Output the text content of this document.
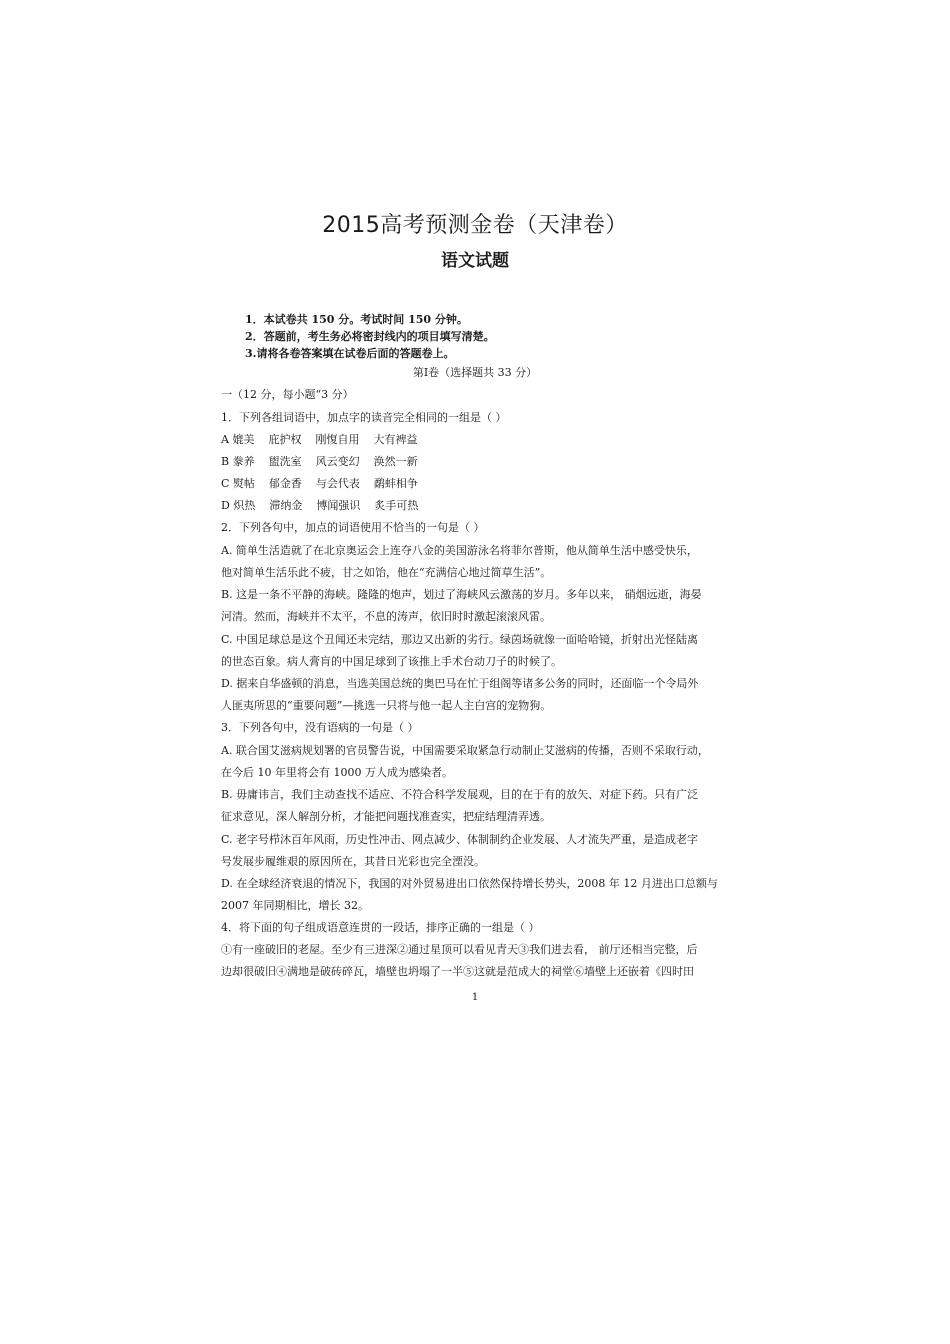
2015高考预测金卷（天津卷）
语文试题
1．本试卷共 150 分。考试时间 150 分钟。
2．答题前，考生务必将密封线内的项目填写清楚。
3.请将各卷答案填在试卷后面的答题卷上。
第Ⅰ卷（选择题共 33 分）
一（12 分，每小题“3 分）
1．下列各组词语中，加点字的读音完全相同的一组是（ ）
A 媲美 庇护权 刚愎自用 大有裨益
B 豢养 盥洗室 风云变幻 涣然一新
C 熨帖 郁金香 与会代表 鹬蚌相争
D 炽热 滞纳金 博闻强识 炙手可热
2．下列各句中，加点的词语使用不恰当的一句是（ ）
A. 简单生活造就了在北京奥运会上连夺八金的美国游泳名将菲尔普斯，他从简单生活中感受快乐，
他对简单生活乐此不疲，甘之如饴，他在“充满信心地过简草生活”。
B. 这是一条不平静的海峡。隆隆的炮声，划过了海峡风云激荡的岁月。多年以来， 硝烟远逝，海晏
河清。然而，海峡并不太平，不息的涛声，依旧时时激起滚滚风雷。
C. 中国足球总是这个丑闻还未完结，那边又出新的劣行。绿茵场就像一面哈哈镜，折射出光怪陆离
的世态百象。病人膏肓的中国足球到了该推上手术台动刀子的时候了。
D. 据来自华盛顿的消息，当选美国总统的奥巴马在忙于组阁等诸多公务的同时，还面临一个令局外
人匪夷所思的“重要问题”—挑选一只将与他一起人主白宫的宠物狗。
3．下列各句中，没有语病的一句是（ ）
A. 联合国艾滋病规划署的官员警告说，中国需要采取紧急行动制止艾滋病的传播，否则不采取行动，
在今后 10 年里将会有 1000 万人成为感染者。
B. 毋庸讳言，我们主动查找不适应、不符合科学发展观，目的在于有的放矢、对症下药。只有广泛
征求意见，深人解剖分析，才能把问题找准查实，把症结理清弄透。
C. 老字号栉沐百年风雨，历史性冲击、网点减少、体制制约企业发展、人才流失严重，是造成老字
号发展步履维艰的原因所在，其昔日光彩也完全湮没。
D. 在全球经济衰退的情况下，我国的对外贸易进出口依然保持增长势头，2008 年 12 月进出口总额与
2007 年同期相比，增长 32。
4．将下面的句子组成语意连贯的一段话，排序正确的一组是（ ）
①有一座破旧的老屋。至少有三进深②通过星顶可以看见青天③我们进去看， 前厅还相当完整，后
边却很破旧④满地是破砖碎瓦，墙壁也坍塌了一半⑤这就是范成大的祠堂⑥墙壁上还嵌着《四时田
1
